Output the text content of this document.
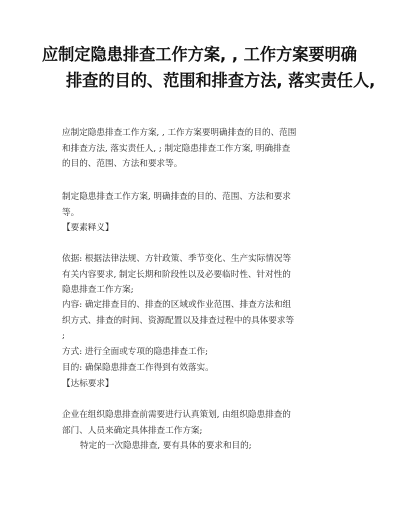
应制定隐患排查工作方案, , 工作方案要明确
排查的目的、范围和排查方法, 落实责任人,

应制定隐患排查工作方案, , 工作方案要明确排查的目的、范围
和排查方法, 落实责任人, ; 制定隐患排查工作方案, 明确排查
的目的、范围、方法和要求等。

制定隐患排查工作方案, 明确排查的目的、范围、方法和要求
等。

【要素释义】

依据: 根据法律法规、方针政策、季节变化、生产实际情况等
有关内容要求, 制定长期和阶段性以及必要临时性、针对性的
隐患排查工作方案;

内容: 确定排查目的、排查的区域或作业范围、排查方法和组
织方式、排查的时间、资源配置以及排查过程中的具体要求等
;

方式: 进行全面或专项的隐患排查工作;

目的: 确保隐患排查工作得到有效落实。

【达标要求】

企业在组织隐患排查前需要进行认真策划, 由组织隐患排查的
部门、人员来确定具体排查工作方案;

特定的一次隐患排查, 要有具体的要求和目的;
